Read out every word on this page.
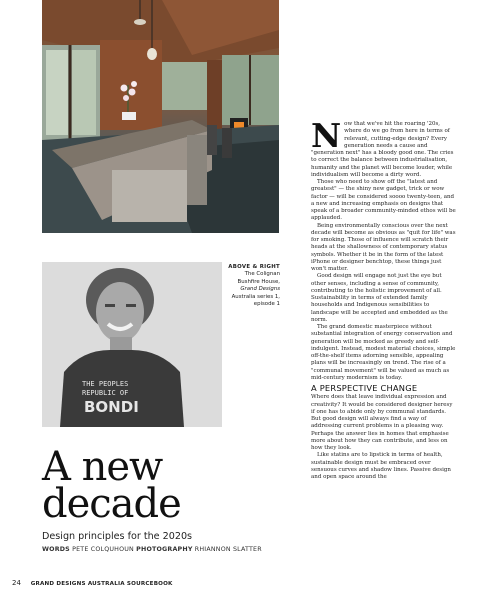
THE PEOPLES
REPUBLIC OF
BONDI
ABOVE & RIGHT
The Colignan
Bushfire House,
Grand Designs
Australia series 1,
episode 1
A new
decade
Design principles for the 2020s
WORDS PETE COLQUHOUN PHOTOGRAPHY RHIANNON SLATTER
24 GRAND DESIGNS AUSTRALIA SOURCEBOOK

Now that we've hit the roaring '20s, where do we go from here in terms of relevant, cutting-edge design? Every generation needs a cause and "generation next" has a bloody good one. The cries to correct the balance between industrialisation, humanity and the planet will become louder, while individualism will become a dirty word.

Those who need to show off the "latest and greatest" — the shiny new gadget, trick or wow factor — will be considered soooo twenty-teen, and a new and increasing emphasis on designs that speak of a broader community-minded ethos will be applauded.

Being environmentally conscious over the next decade will become as obvious as "quit for life" was for smoking. Those of influence will scratch their heads at the shallowness of contemporary status symbols. Whether it be in the form of the latest iPhone or designer benchtop, these things just won't matter.

Good design will engage not just the eye but other senses, including a sense of community, contributing to the holistic improvement of all. Sustainability in terms of extended family households and Indigenous sensibilities to landscape will be accepted and embedded as the norm.

The grand domestic masterpiece without substantial integration of energy conservation and generation will be mocked as greedy and self-indulgent. Instead, modest material choices, simple off-the-shelf items adorning sensible, appealing plans will be increasingly on trend. The rise of a "communal movement" will be valued as much as mid-century modernism is today.

A PERSPECTIVE CHANGE

Where does that leave individual expression and creativity? It would be considered designer heresy if one has to abide only by communal standards. But good design will always find a way of addressing current problems in a pleasing way. Perhaps the answer lies in homes that emphasise more about how they can contribute, and less on how they look.

Like statins are to lipstick in terms of health, sustainable design must be embraced over sensuous curves and shadow lines. Passive design and open space around the
